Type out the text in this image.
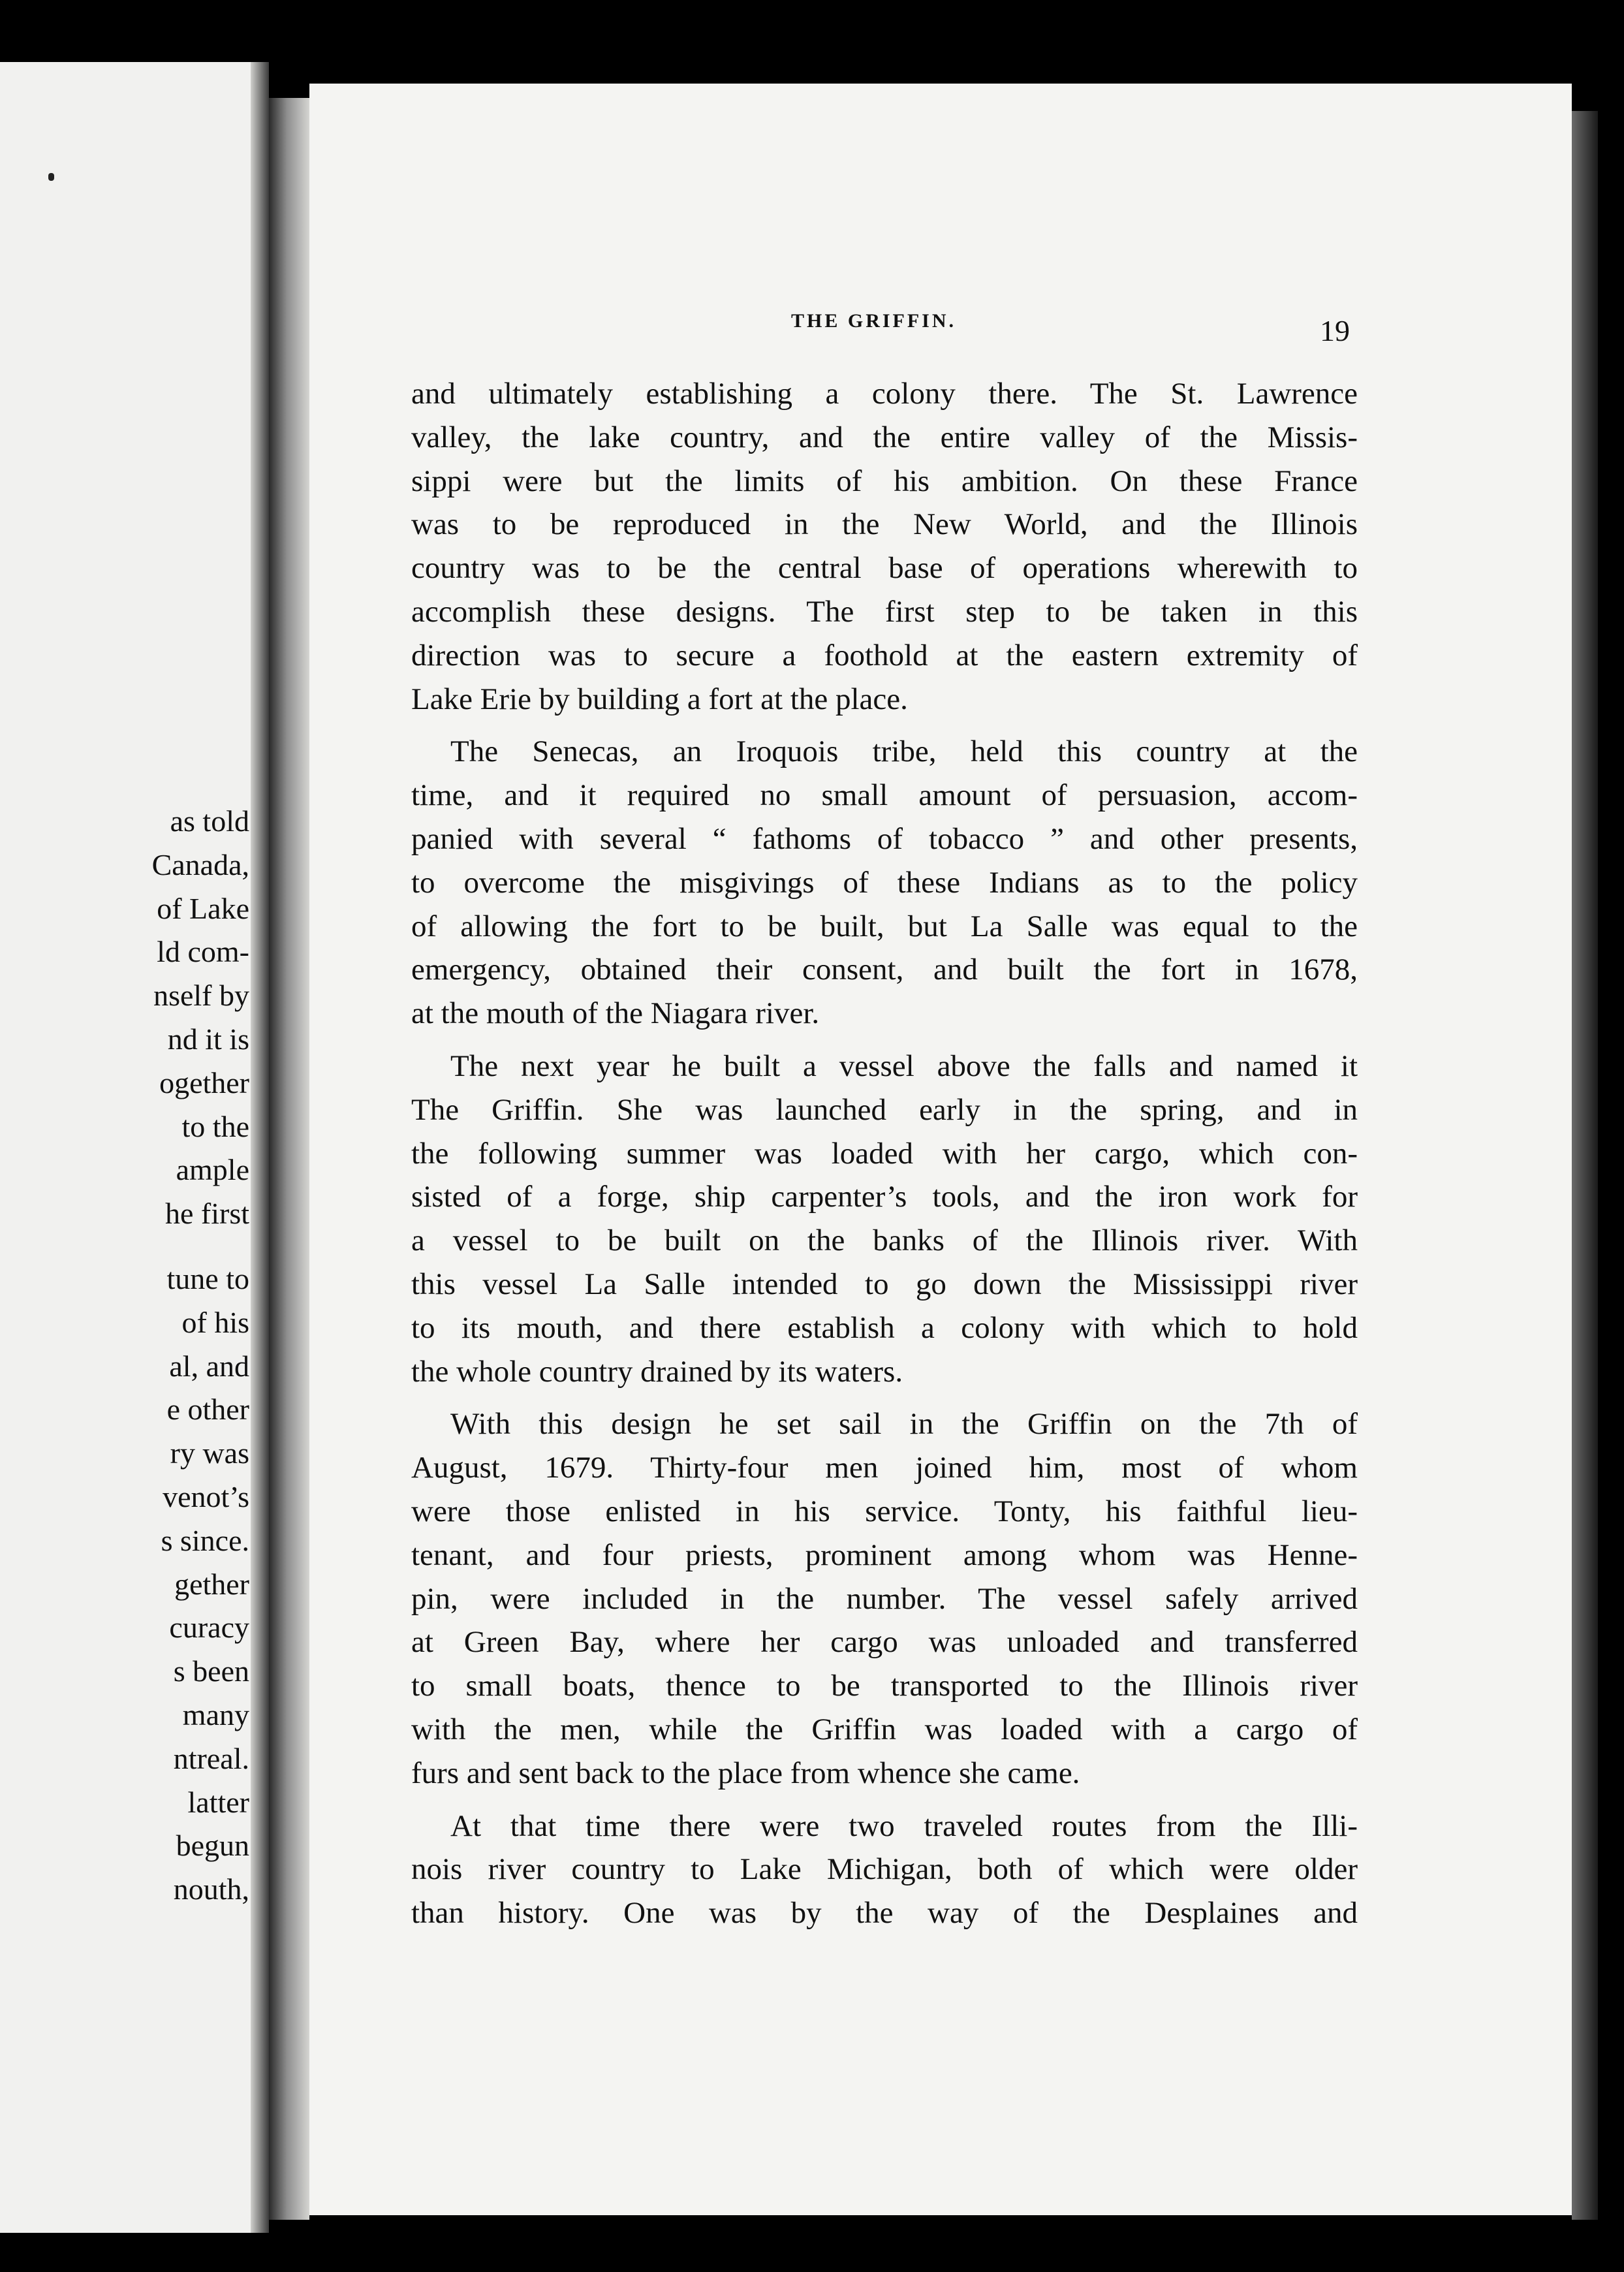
as told
Canada,
of Lake
ld com-
nself by
nd it is
ogether
to the
ample
he first
tune to
of his
al, and
e other
ry was
venot’s
s since.
gether
curacy
s been
many
ntreal.
latter
begun
nouth,
THE GRIFFIN.	19
and ultimately establishing a colony there. The St. Lawrence
valley, the lake country, and the entire valley of the Missis-
sippi were but the limits of his ambition. On these France
was to be reproduced in the New World, and the Illinois
country was to be the central base of operations wherewith to
accomplish these designs. The first step to be taken in this
direction was to secure a foothold at the eastern extremity of
Lake Erie by building a fort at the place.
The Senecas, an Iroquois tribe, held this country at the
time, and it required no small amount of persuasion, accom-
panied with several “ fathoms of tobacco ” and other presents,
to overcome the misgivings of these Indians as to the policy
of allowing the fort to be built, but La Salle was equal to the
emergency, obtained their consent, and built the fort in 1678,
at the mouth of the Niagara river.
The next year he built a vessel above the falls and named it
The Griffin. She was launched early in the spring, and in
the following summer was loaded with her cargo, which con-
sisted of a forge, ship carpenter’s tools, and the iron work for
a vessel to be built on the banks of the Illinois river. With
this vessel La Salle intended to go down the Mississippi river
to its mouth, and there establish a colony with which to hold
the whole country drained by its waters.
With this design he set sail in the Griffin on the 7th of
August, 1679. Thirty-four men joined him, most of whom
were those enlisted in his service. Tonty, his faithful lieu-
tenant, and four priests, prominent among whom was Henne-
pin, were included in the number. The vessel safely arrived
at Green Bay, where her cargo was unloaded and transferred
to small boats, thence to be transported to the Illinois river
with the men, while the Griffin was loaded with a cargo of
furs and sent back to the place from whence she came.
At that time there were two traveled routes from the Illi-
nois river country to Lake Michigan, both of which were older
than history. One was by the way of the Desplaines and
